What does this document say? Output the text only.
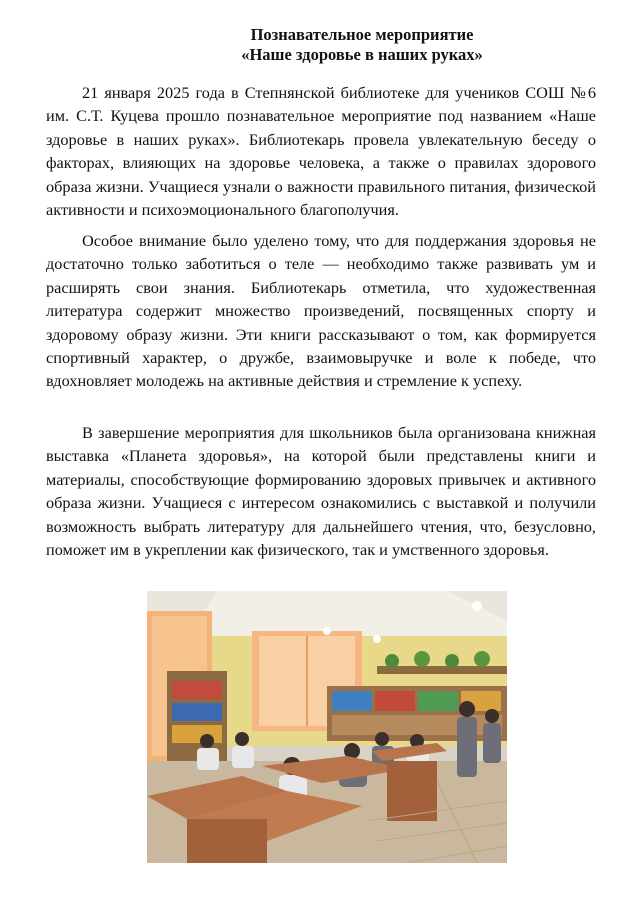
Познавательное мероприятие
«Наше здоровье в наших руках»

21 января 2025 года в Степнянской библиотеке для учеников СОШ №6 им. С.Т. Куцева прошло познавательное мероприятие под названием «Наше здоровье в наших руках». Библиотекарь провела увлекательную беседу о факторах, влияющих на здоровье человека, а также о правилах здорового образа жизни. Учащиеся узнали о важности правильного питания, физической активности и психоэмоционального благополучия.

Особое внимание было уделено тому, что для поддержания здоровья не достаточно только заботиться о теле — необходимо также развивать ум и расширять свои знания. Библиотекарь отметила, что художественная литература содержит множество произведений, посвященных спорту и здоровому образу жизни. Эти книги рассказывают о том, как формируется спортивный характер, о дружбе, взаимовыручке и воле к победе, что вдохновляет молодежь на активные действия и стремление к успеху.

В завершение мероприятия для школьников была организована книжная выставка «Планета здоровья», на которой были представлены книги и материалы, способствующие формированию здоровых привычек и активного образа жизни. Учащиеся с интересом ознакомились с выставкой и получили возможность выбрать литературу для дальнейшего чтения, что, безусловно, поможет им в укреплении как физического, так и умственного здоровья.
